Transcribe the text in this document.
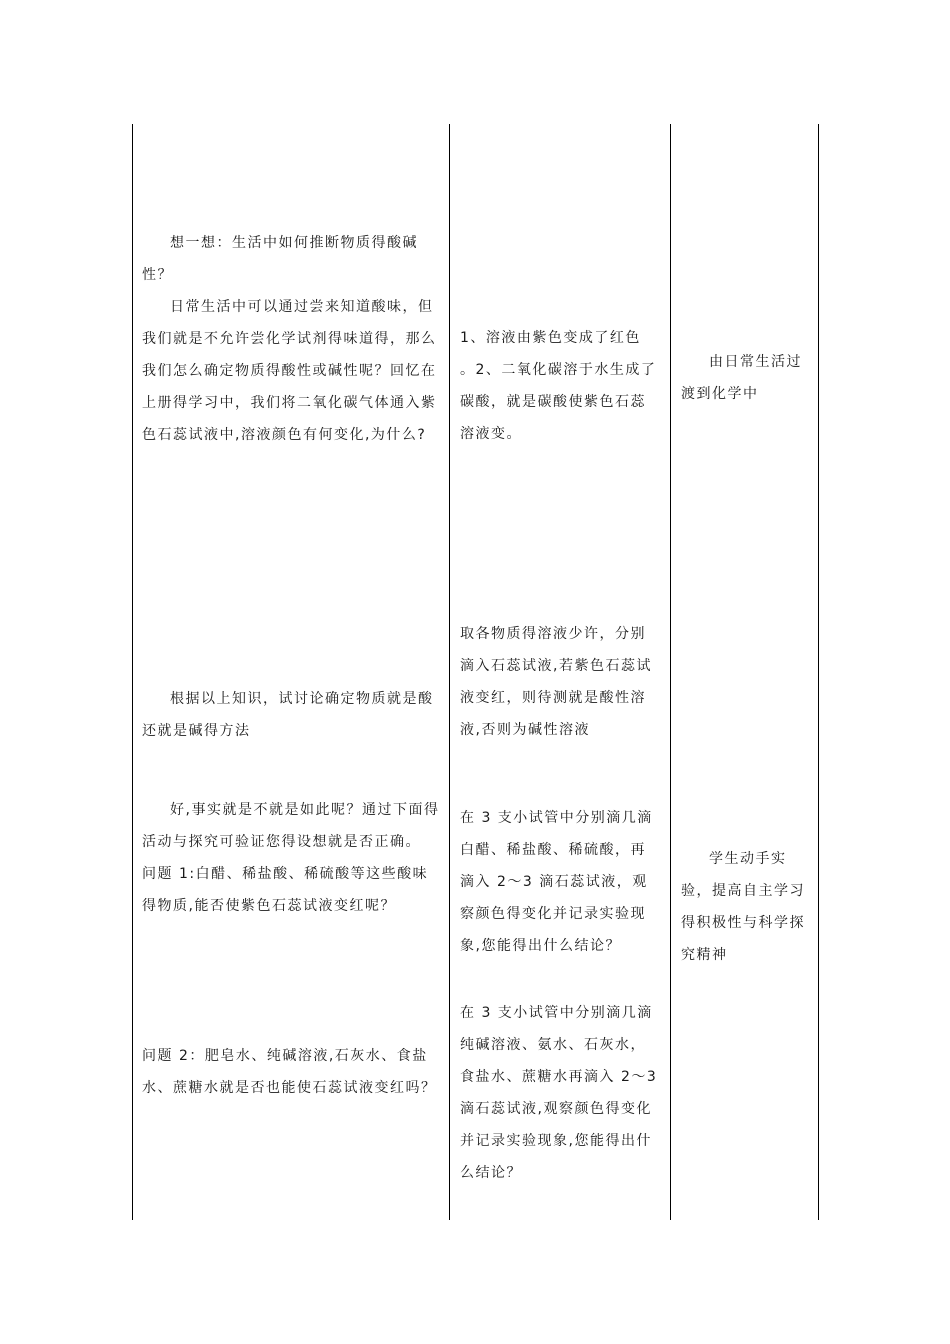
想一想：生活中如何推断物质得酸碱性？

日常生活中可以通过尝来知道酸味，但我们就是不允许尝化学试剂得味道得，那么我们怎么确定物质得酸性或碱性呢？回忆在上册得学习中，我们将二氧化碳气体通入紫色石蕊试液中,溶液颜色有何变化,为什么?

根据以上知识，试讨论确定物质就是酸还就是碱得方法

好,事实就是不就是如此呢？通过下面得活动与探究可验证您得设想就是否正确。

问题 1:白醋、稀盐酸、稀硫酸等这些酸味得物质,能否使紫色石蕊试液变红呢？

问题 2：肥皂水、纯碱溶液,石灰水、食盐水、蔗糖水就是否也能使石蕊试液变红吗？

1、溶液由紫色变成了红色

。2、二氧化碳溶于水生成了碳酸，就是碳酸使紫色石蕊溶液变。

取各物质得溶液少许，分别滴入石蕊试液,若紫色石蕊试液变红，则待测就是酸性溶液,否则为碱性溶液

在 3 支小试管中分别滴几滴白醋、稀盐酸、稀硫酸，再滴入 2～3 滴石蕊试液，观察颜色得变化并记录实验现象,您能得出什么结论？

在 3 支小试管中分别滴几滴纯碱溶液、氨水、石灰水，食盐水、蔗糖水再滴入 2～3 滴石蕊试液,观察颜色得变化并记录实验现象,您能得出什么结论？

由日常生活过渡到化学中

学生动手实验，提高自主学习得积极性与科学探究精神
